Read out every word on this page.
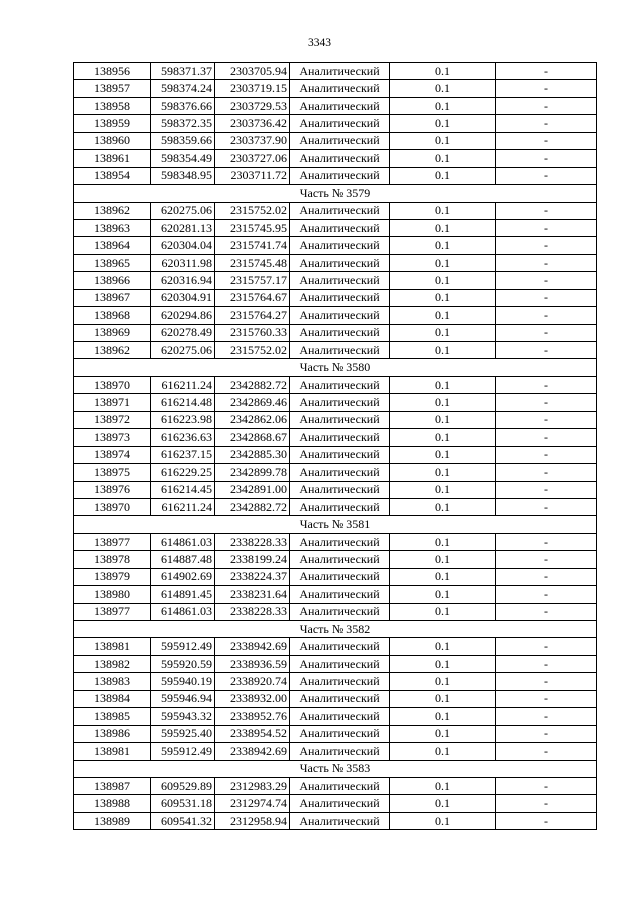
3343
138956	598371.37	2303705.94	Аналитический	0.1	-
138957	598374.24	2303719.15	Аналитический	0.1	-
138958	598376.66	2303729.53	Аналитический	0.1	-
138959	598372.35	2303736.42	Аналитический	0.1	-
138960	598359.66	2303737.90	Аналитический	0.1	-
138961	598354.49	2303727.06	Аналитический	0.1	-
138954	598348.95	2303711.72	Аналитический	0.1	-
Часть № 3579					
138962	620275.06	2315752.02	Аналитический	0.1	-
138963	620281.13	2315745.95	Аналитический	0.1	-
138964	620304.04	2315741.74	Аналитический	0.1	-
138965	620311.98	2315745.48	Аналитический	0.1	-
138966	620316.94	2315757.17	Аналитический	0.1	-
138967	620304.91	2315764.67	Аналитический	0.1	-
138968	620294.86	2315764.27	Аналитический	0.1	-
138969	620278.49	2315760.33	Аналитический	0.1	-
138962	620275.06	2315752.02	Аналитический	0.1	-
Часть № 3580					
138970	616211.24	2342882.72	Аналитический	0.1	-
138971	616214.48	2342869.46	Аналитический	0.1	-
138972	616223.98	2342862.06	Аналитический	0.1	-
138973	616236.63	2342868.67	Аналитический	0.1	-
138974	616237.15	2342885.30	Аналитический	0.1	-
138975	616229.25	2342899.78	Аналитический	0.1	-
138976	616214.45	2342891.00	Аналитический	0.1	-
138970	616211.24	2342882.72	Аналитический	0.1	-
Часть № 3581					
138977	614861.03	2338228.33	Аналитический	0.1	-
138978	614887.48	2338199.24	Аналитический	0.1	-
138979	614902.69	2338224.37	Аналитический	0.1	-
138980	614891.45	2338231.64	Аналитический	0.1	-
138977	614861.03	2338228.33	Аналитический	0.1	-
Часть № 3582					
138981	595912.49	2338942.69	Аналитический	0.1	-
138982	595920.59	2338936.59	Аналитический	0.1	-
138983	595940.19	2338920.74	Аналитический	0.1	-
138984	595946.94	2338932.00	Аналитический	0.1	-
138985	595943.32	2338952.76	Аналитический	0.1	-
138986	595925.40	2338954.52	Аналитический	0.1	-
138981	595912.49	2338942.69	Аналитический	0.1	-
Часть № 3583					
138987	609529.89	2312983.29	Аналитический	0.1	-
138988	609531.18	2312974.74	Аналитический	0.1	-
138989	609541.32	2312958.94	Аналитический	0.1	-
